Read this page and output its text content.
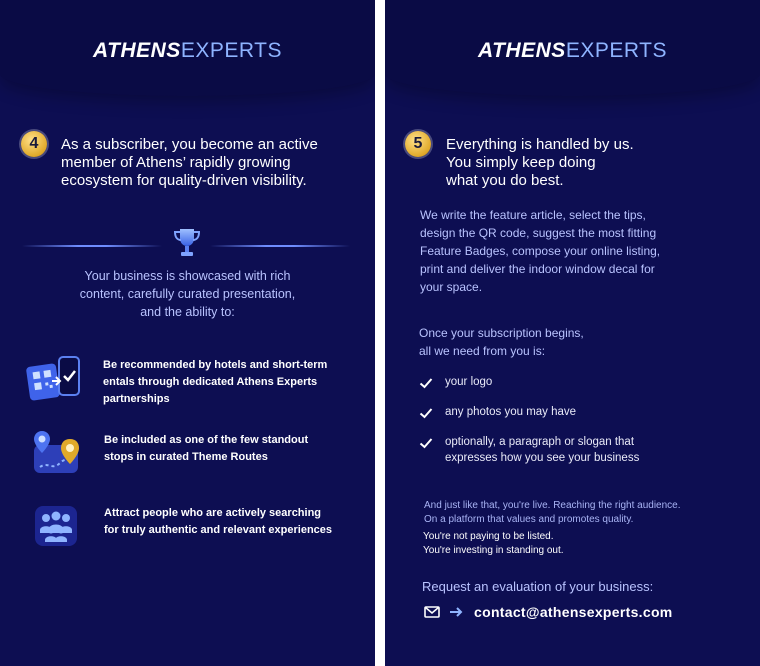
ATHENSEXPERTS
4	As a subscriber, you become an active
member of Athens’ rapidly growing
ecosystem for quality-driven visibility.
Your business is showcased with rich
content, carefully curated presentation,
and the ability to:
Be recommended by hotels and short-term
entals through dedicated Athens Experts
partnerships
Be included as one of the few standout
stops in curated Theme Routes
Attract people who are actively searching
for truly authentic and relevant experiences
ATHENSEXPERTS
5	Everything is handled by us.
You simply keep doing
what you do best.
We write the feature article, select the tips,
design the QR code, suggest the most fitting
Feature Badges, compose your online listing,
print and deliver the indoor window decal for
your space.
Once your subscription begins,
all we need from you is:
your logo
any photos you may have
optionally, a paragraph or slogan that
expresses how you see your business
And just like that, you're live. Reaching the right audience.
On a platform that values and promotes quality.
You're not paying to be listed.
You're investing in standing out.
Request an evaluation of your business:
contact@athensexperts.com
